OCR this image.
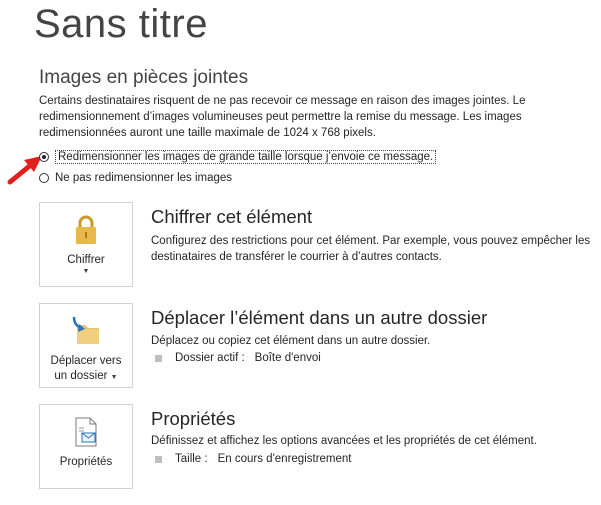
Sans titre
Images en pièces jointes
Certains destinataires risquent de ne pas recevoir ce message en raison des images jointes. Le redimensionnement d’images volumineuses peut permettre la remise du message. Les images redimensionnées auront une taille maximale de 1024 x 768 pixels.
Redimensionner les images de grande taille lorsque j’envoie ce message.
Ne pas redimensionner les images
Chiffrer
▼
Chiffrer cet élément
Configurez des restrictions pour cet élément. Par exemple, vous pouvez empêcher les destinataires de transférer le courrier à d’autres contacts.
Déplacer vers
un dossier ▼
Déplacer l’élément dans un autre dossier
Déplacez ou copiez cet élément dans un autre dossier.
Dossier actif : Boîte d'envoi
Propriétés
Propriétés
Définissez et affichez les options avancées et les propriétés de cet élément.
Taille : En cours d'enregistrement
